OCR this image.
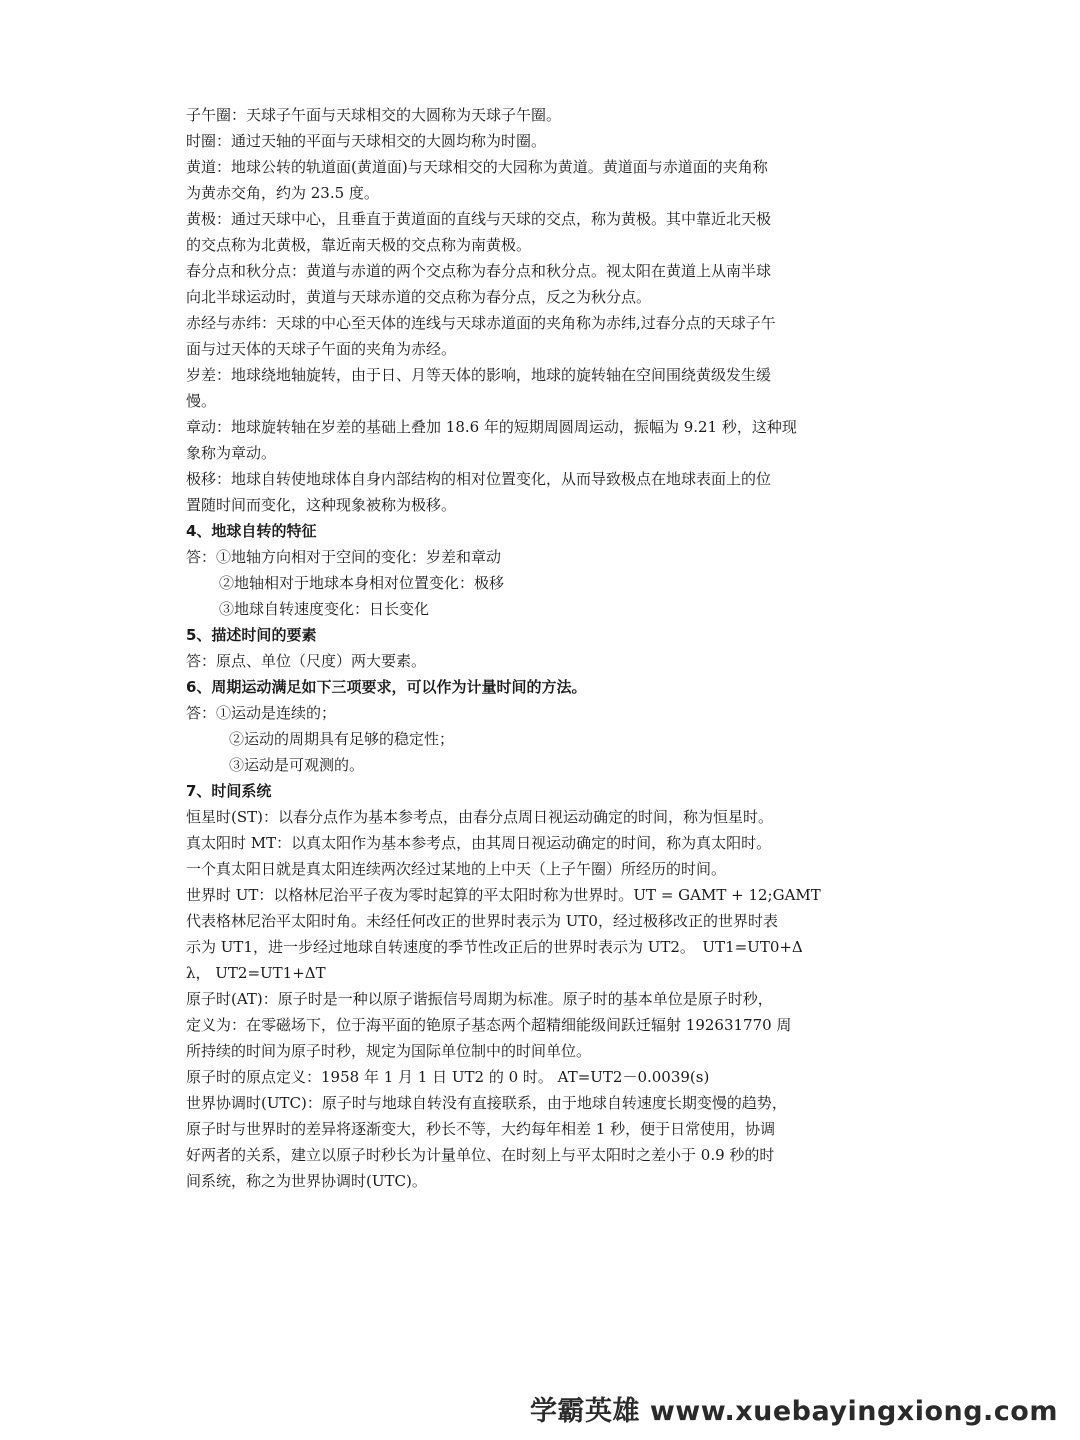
子午圈：天球子午面与天球相交的大圆称为天球子午圈。
时圈：通过天轴的平面与天球相交的大圆均称为时圈。
黄道：地球公转的轨道面(黄道面)与天球相交的大园称为黄道。黄道面与赤道面的夹角称
为黄赤交角，约为 23.5 度。
黄极：通过天球中心，且垂直于黄道面的直线与天球的交点，称为黄极。其中靠近北天极
的交点称为北黄极，靠近南天极的交点称为南黄极。
春分点和秋分点：黄道与赤道的两个交点称为春分点和秋分点。视太阳在黄道上从南半球
向北半球运动时，黄道与天球赤道的交点称为春分点，反之为秋分点。
赤经与赤纬：天球的中心至天体的连线与天球赤道面的夹角称为赤纬,过春分点的天球子午
面与过天体的天球子午面的夹角为赤经。
岁差：地球绕地轴旋转，由于日、月等天体的影响，地球的旋转轴在空间围绕黄级发生缓
慢。
章动：地球旋转轴在岁差的基础上叠加 18.6 年的短期周圆周运动，振幅为 9.21 秒，这种现
象称为章动。
极移：地球自转使地球体自身内部结构的相对位置变化，从而导致极点在地球表面上的位
置随时间而变化，这种现象被称为极移。
4、地球自转的特征
答：①地轴方向相对于空间的变化：岁差和章动
②地轴相对于地球本身相对位置变化：极移
③地球自转速度变化：日长变化
5、描述时间的要素
答：原点、单位（尺度）两大要素。
6、周期运动满足如下三项要求，可以作为计量时间的方法。
答：①运动是连续的；
②运动的周期具有足够的稳定性；
③运动是可观测的。
7、时间系统
恒星时(ST)：以春分点作为基本参考点，由春分点周日视运动确定的时间，称为恒星时。
真太阳时 MT：以真太阳作为基本参考点，由其周日视运动确定的时间，称为真太阳时。
一个真太阳日就是真太阳连续两次经过某地的上中天（上子午圈）所经历的时间。
世界时 UT：以格林尼治平子夜为零时起算的平太阳时称为世界时。UT = GAMT + 12;GAMT
代表格林尼治平太阳时角。未经任何改正的世界时表示为 UT0，经过极移改正的世界时表
示为 UT1，进一步经过地球自转速度的季节性改正后的世界时表示为 UT2。　UT1=UT0+Δ
λ， UT2=UT1+ΔT
原子时(AT)：原子时是一种以原子谐振信号周期为标准。原子时的基本单位是原子时秒，
定义为：在零磁场下，位于海平面的铯原子基态两个超精细能级间跃迁辐射 192631770 周
所持续的时间为原子时秒，规定为国际单位制中的时间单位。
原子时的原点定义：1958 年 1 月 1 日 UT2 的 0 时。 AT=UT2－0.0039(s)
世界协调时(UTC)：原子时与地球自转没有直接联系，由于地球自转速度长期变慢的趋势，
原子时与世界时的差异将逐渐变大，秒长不等，大约每年相差 1 秒，便于日常使用，协调
好两者的关系，建立以原子时秒长为计量单位、在时刻上与平太阳时之差小于 0.9 秒的时
间系统，称之为世界协调时(UTC)。
学霸英雄 www.xuebayingxiong.com
